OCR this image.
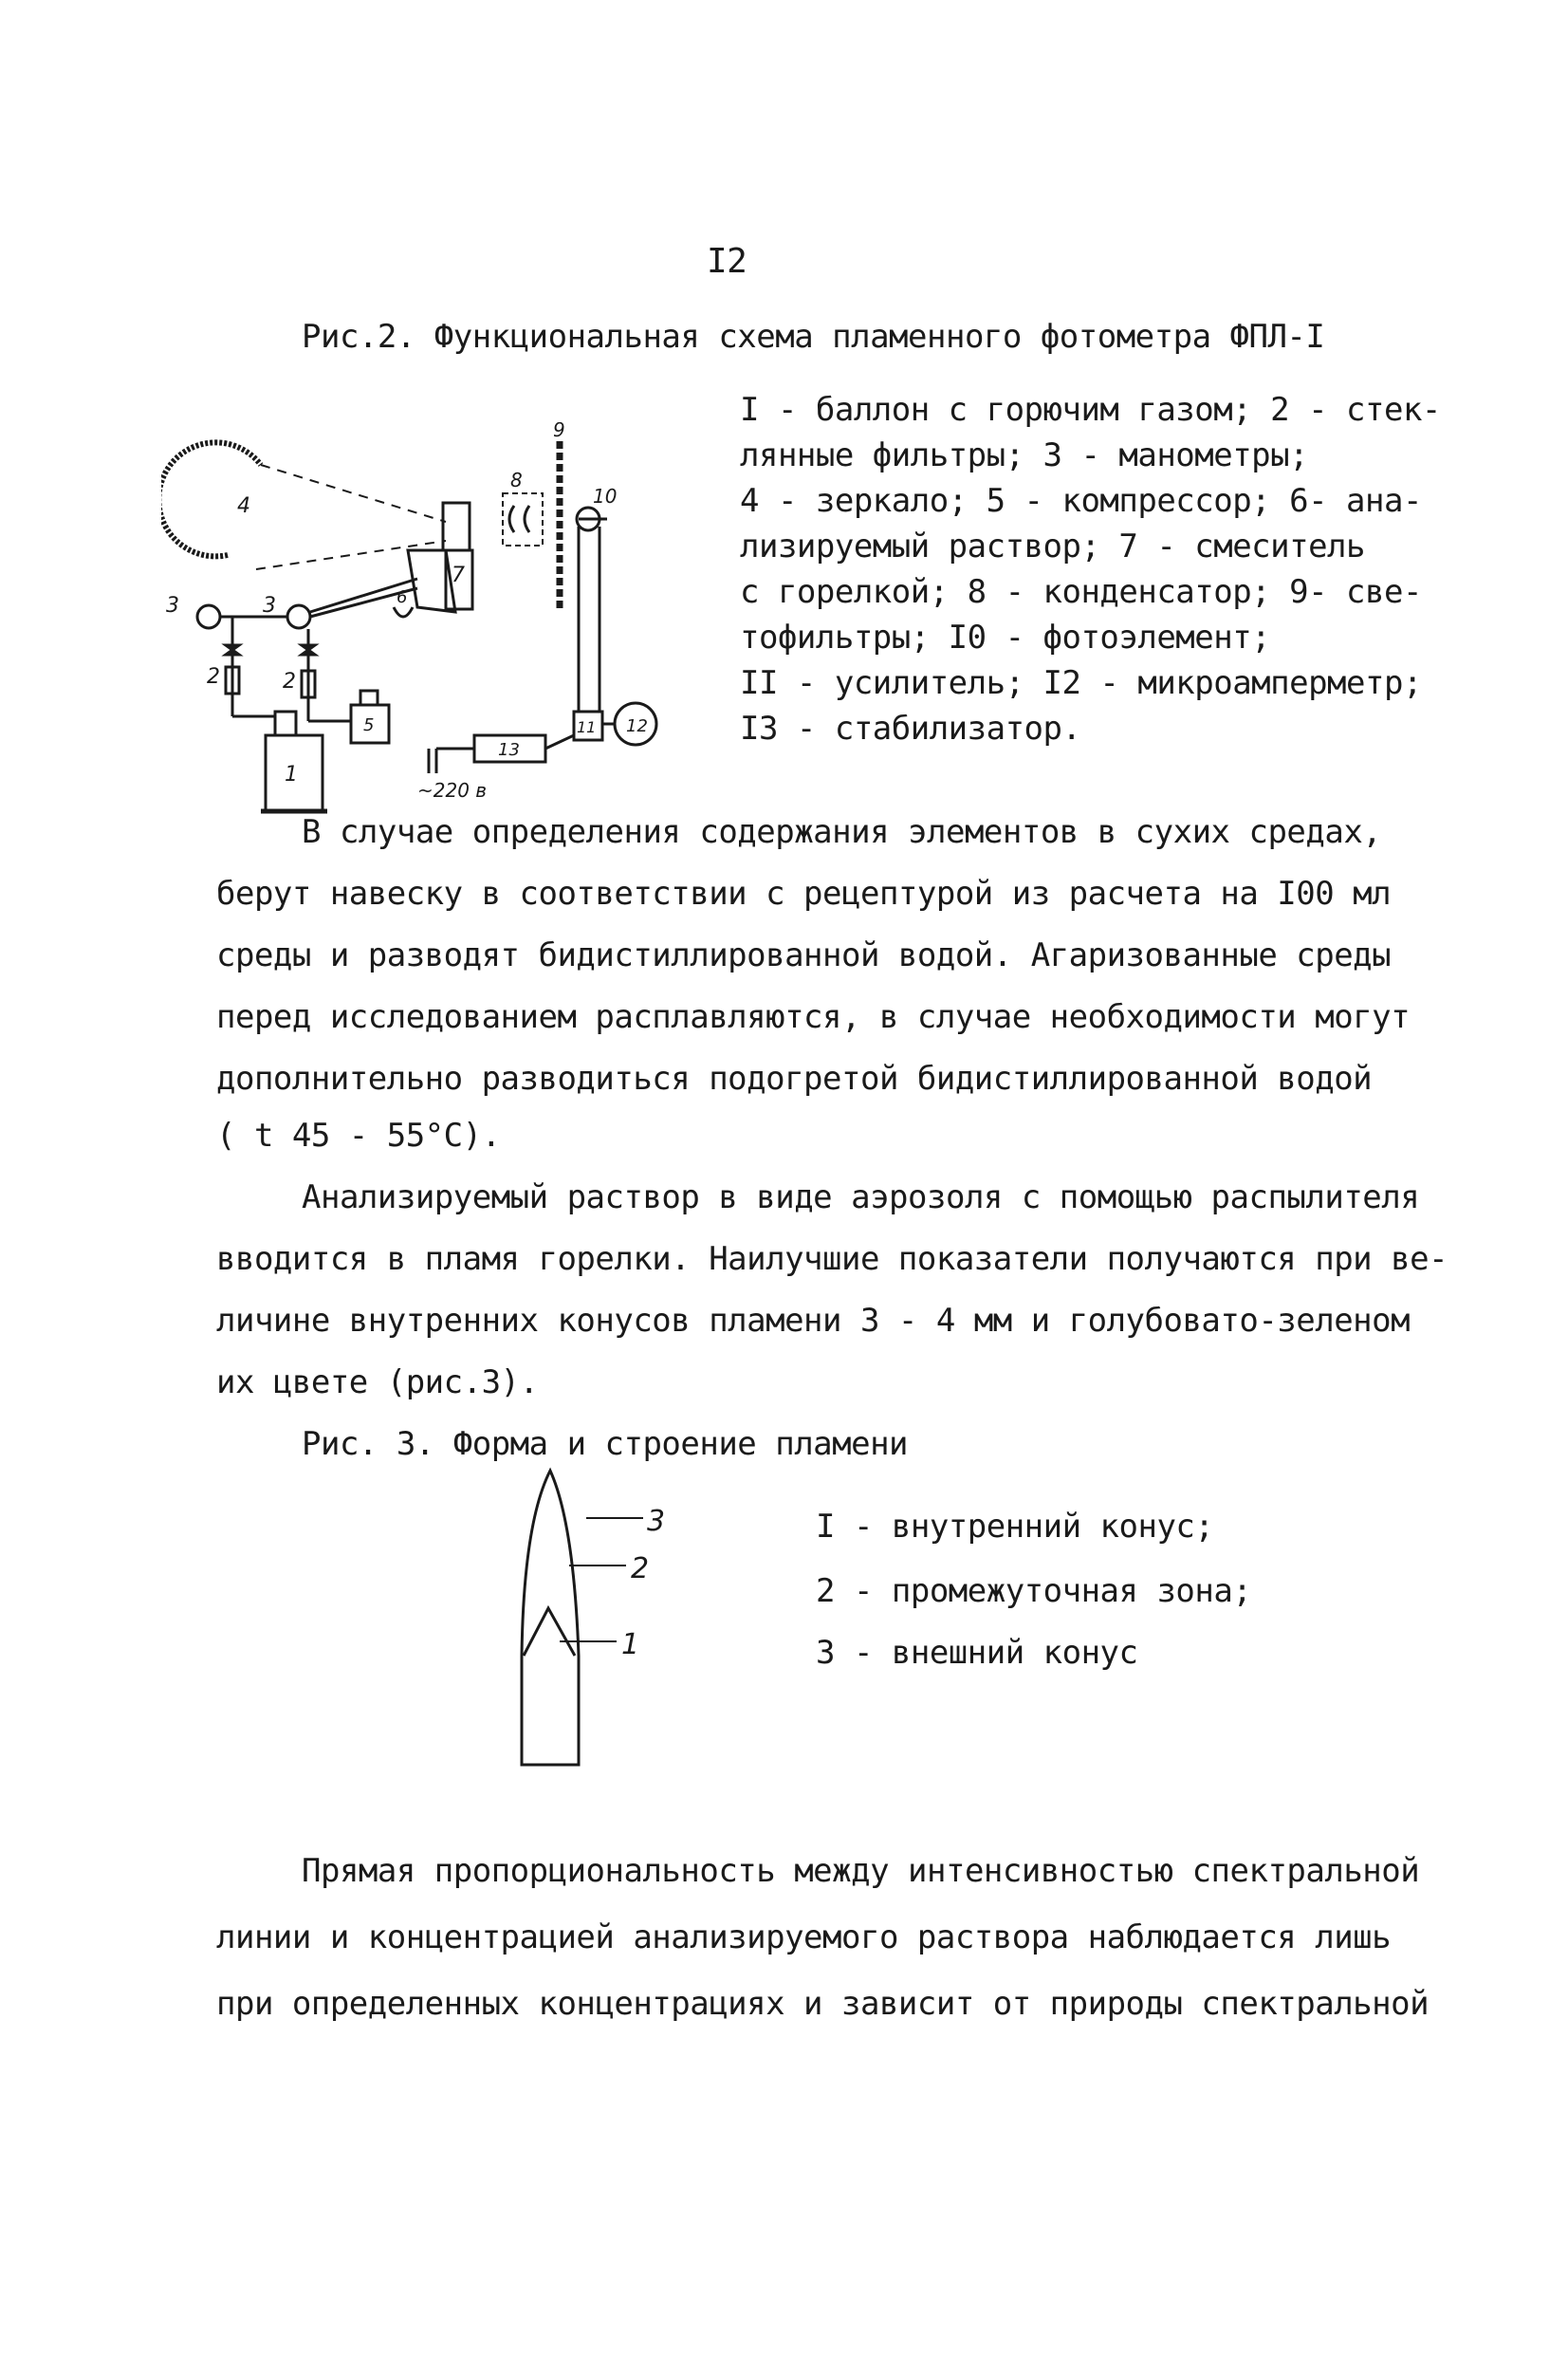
I2
Рис.2. Функциональная схема пламенного фотометра ФПЛ-I
3	3
2	2
1
4
5
6
7
8
9
10
11 12
13
~220 в
I - баллон с горючим газом; 2 - стек-
лянные фильтры; 3 - манометры;
4 - зеркало; 5 - компрессор; 6- ана-
лизируемый раствор; 7 - смеситель
с горелкой; 8 - конденсатор; 9- све-
тофильтры; I0 - фотоэлемент;
II - усилитель; I2 - микроамперметр;
I3 - стабилизатор.
В случае определения содержания элементов в сухих средах,
берут навеску в соответствии с рецептурой из расчета на I00 мл
среды и разводят бидистиллированной водой. Агаризованные среды
перед исследованием расплавляются, в случае необходимости могут
дополнительно разводиться подогретой бидистиллированной водой
( t 45 - 55°С).
Анализируемый раствор в виде аэрозоля с помощью распылителя
вводится в пламя горелки. Наилучшие показатели получаются при ве-
личине внутренних конусов пламени 3 - 4 мм и голубовато-зеленом
их цвете (рис.3).
Рис. 3. Форма и строение пламени
3
2
1
I - внутренний конус;
2 - промежуточная зона;
3 - внешний конус
Прямая пропорциональность между интенсивностью спектральной
линии и концентрацией анализируемого раствора наблюдается лишь
при определенных концентрациях и зависит от природы спектральной
